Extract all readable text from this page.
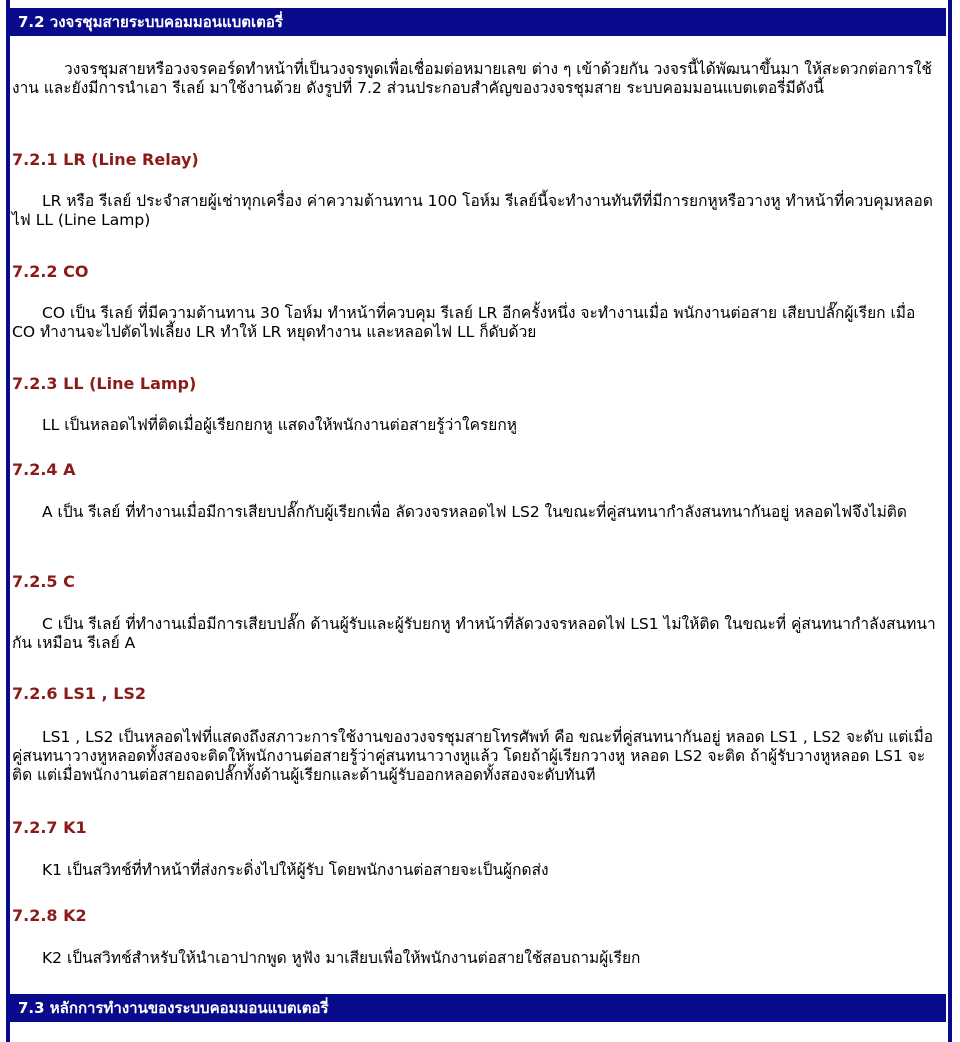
7.2 วงจรชุมสายระบบคอมมอนแบตเตอรี่

วงจรชุมสายหรือวงจรคอร์ดทำหน้าที่เป็นวงจรพูดเพื่อเชื่อมต่อหมายเลข ต่าง ๆ เข้าด้วยกัน วงจรนี้ได้พัฒนาขึ้นมา ให้สะดวกต่อการใช้งาน และยังมีการนำเอา รีเลย์ มาใช้งานด้วย ดังรูปที่ 7.2 ส่วนประกอบสำคัญของวงจรชุมสาย ระบบคอมมอนแบตเตอรี่มีดังนี้

7.2.1 LR (Line Relay)

LR หรือ รีเลย์ ประจำสายผู้เช่าทุกเครื่อง ค่าความต้านทาน 100 โอห์ม รีเลย์นี้จะทำงานทันทีที่มีการยกหูหรือวางหู ทำหน้าที่ควบคุมหลอดไฟ LL (Line Lamp)

7.2.2 CO

CO เป็น รีเลย์ ที่มีความต้านทาน 30 โอห์ม ทำหน้าที่ควบคุม รีเลย์ LR อีกครั้งหนึ่ง จะทำงานเมื่อ พนักงานต่อสาย เสียบปลั๊กผู้เรียก เมื่อ CO ทำงานจะไปตัดไฟเลี้ยง LR ทำให้ LR หยุดทำงาน และหลอดไฟ LL ก็ดับด้วย

7.2.3 LL (Line Lamp)

LL เป็นหลอดไฟที่ติดเมื่อผู้เรียกยกหู แสดงให้พนักงานต่อสายรู้ว่าใครยกหู

7.2.4 A

A เป็น รีเลย์ ที่ทำงานเมื่อมีการเสียบปลั๊กกับผู้เรียกเพื่อ ลัดวงจรหลอดไฟ LS2 ในขณะที่คู่สนทนากำลังสนทนากันอยู่ หลอดไฟจึงไม่ติด

7.2.5 C

C เป็น รีเลย์ ที่ทำงานเมื่อมีการเสียบปลั๊ก ด้านผู้รับและผู้รับยกหู ทำหน้าที่ลัดวงจรหลอดไฟ LS1 ไม่ให้ติด ในขณะที่ คู่สนทนากำลังสนทนากัน เหมือน รีเลย์ A

7.2.6 LS1 , LS2

LS1 , LS2 เป็นหลอดไฟที่แสดงถึงสภาวะการใช้งานของวงจรชุมสายโทรศัพท์ คือ ขณะที่คู่สนทนากันอยู่ หลอด LS1 , LS2 จะดับ แต่เมื่อคู่สนทนาวางหูหลอดทั้งสองจะติดให้พนักงานต่อสายรู้ว่าคู่สนทนาวางหูแล้ว โดยถ้าผู้เรียกวางหู หลอด LS2 จะติด ถ้าผู้รับวางหูหลอด LS1 จะติด แต่เมื่อพนักงานต่อสายถอดปลั๊กทั้งด้านผู้เรียกและด้านผู้รับออกหลอดทั้งสองจะดับทันที

7.2.7 K1

K1 เป็นสวิทช์ที่ทำหน้าที่ส่งกระดิ่งไปให้ผู้รับ โดยพนักงานต่อสายจะเป็นผู้กดส่ง

7.2.8 K2

K2 เป็นสวิทช์สำหรับให้นำเอาปากพูด หูฟัง มาเสียบเพื่อให้พนักงานต่อสายใช้สอบถามผู้เรียก

7.3 หลักการทำงานของระบบคอมมอนแบตเตอรี่
